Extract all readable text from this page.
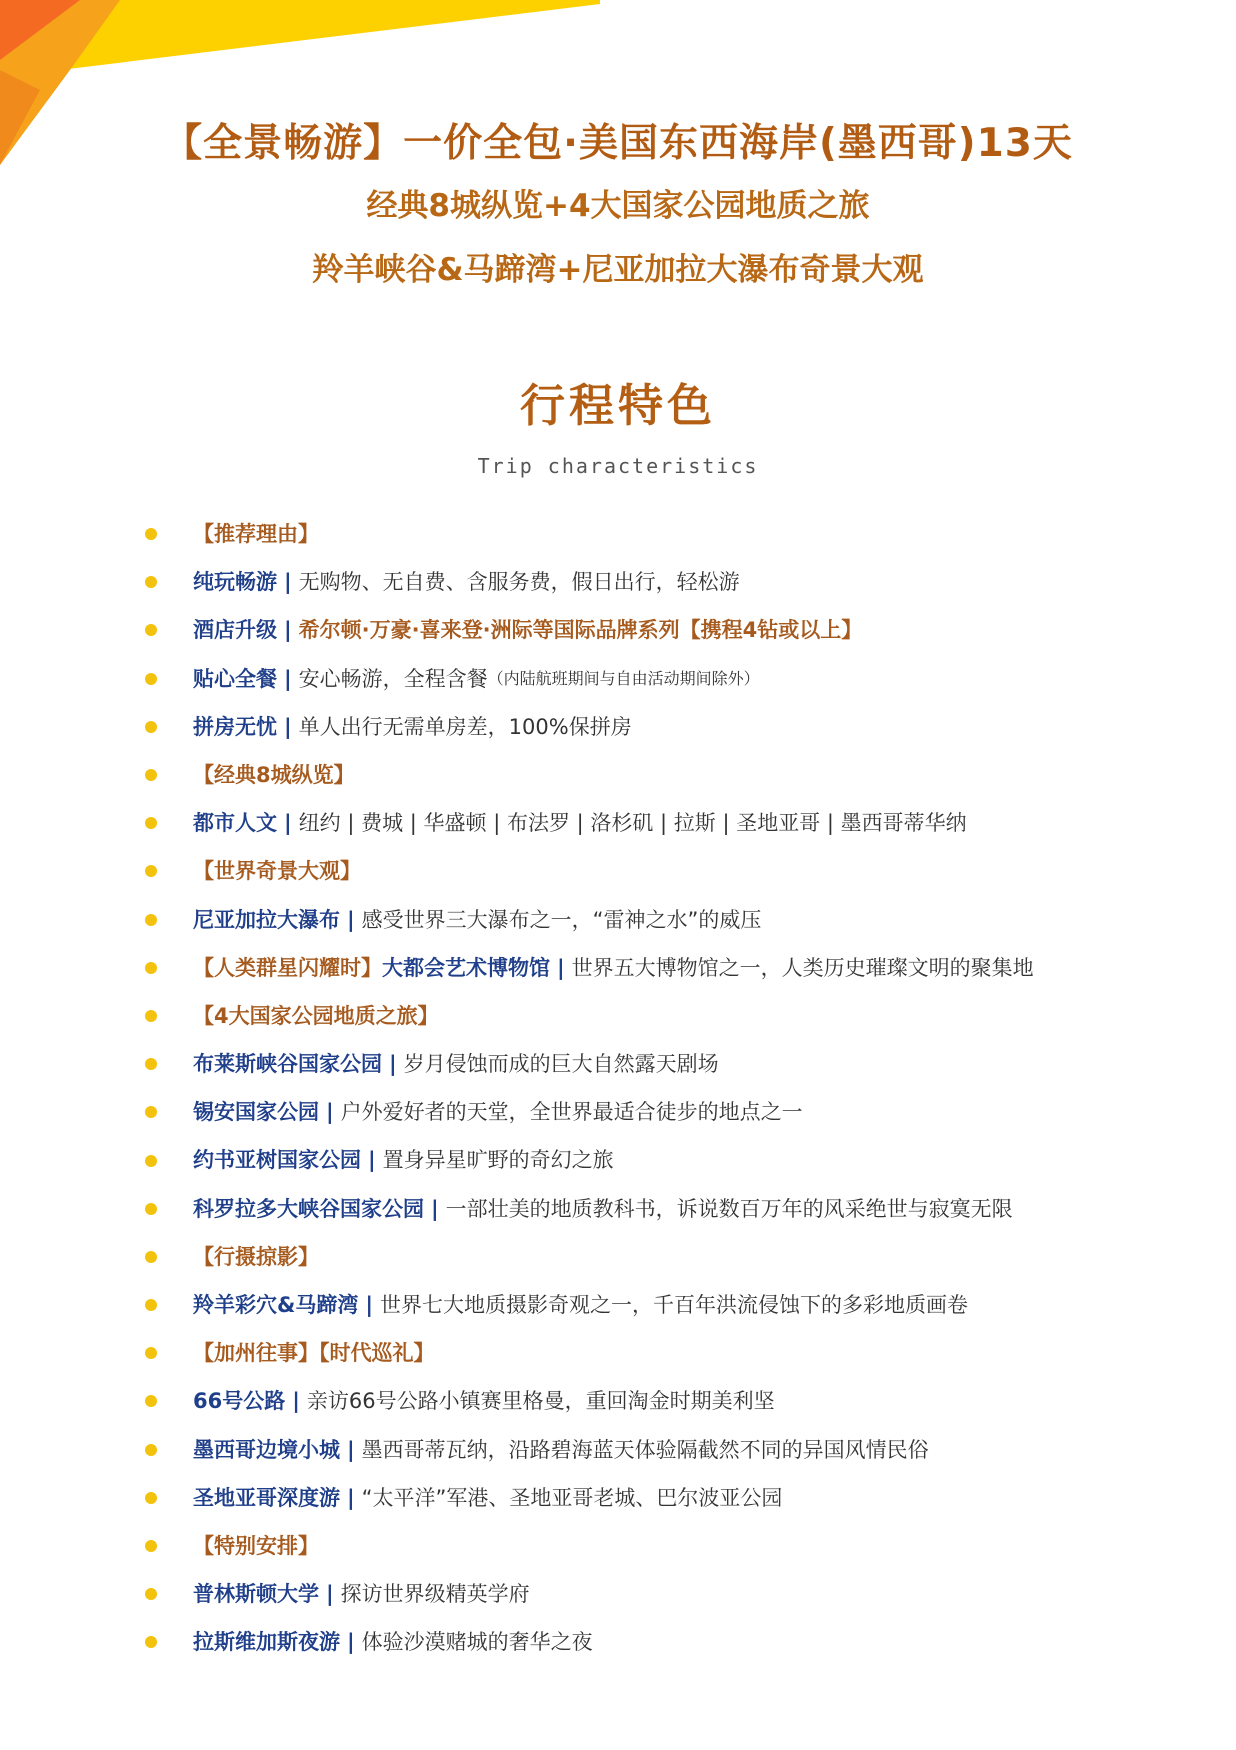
【全景畅游】一价全包·美国东西海岸(墨西哥)13天
经典8城纵览+4大国家公园地质之旅
羚羊峡谷&马蹄湾+尼亚加拉大瀑布奇景大观
行程特色
Trip characteristics
【推荐理由】
纯玩畅游 | 无购物、无自费、含服务费，假日出行，轻松游
酒店升级 | 希尔顿·万豪·喜来登·洲际等国际品牌系列【携程4钻或以上】
贴心全餐 | 安心畅游，全程含餐 （内陆航班期间与自由活动期间除外）
拼房无忧 | 单人出行无需单房差，100%保拼房
【经典8城纵览】
都市人文 | 纽约 | 费城 | 华盛顿 | 布法罗 | 洛杉矶 | 拉斯 | 圣地亚哥 | 墨西哥蒂华纳
【世界奇景大观】
尼亚加拉大瀑布 | 感受世界三大瀑布之一，“雷神之水”的威压
【人类群星闪耀时】 大都会艺术博物馆 | 世界五大博物馆之一，人类历史璀璨文明的聚集地
【4大国家公园地质之旅】
布莱斯峡谷国家公园 | 岁月侵蚀而成的巨大自然露天剧场
锡安国家公园 | 户外爱好者的天堂，全世界最适合徒步的地点之一
约书亚树国家公园 | 置身异星旷野的奇幻之旅
科罗拉多大峡谷国家公园 | 一部壮美的地质教科书，诉说数百万年的风采绝世与寂寞无限
【行摄掠影】
羚羊彩穴&马蹄湾 | 世界七大地质摄影奇观之一，千百年洪流侵蚀下的多彩地质画卷
【加州往事】【时代巡礼】
66号公路 | 亲访66号公路小镇赛里格曼，重回淘金时期美利坚
墨西哥边境小城 | 墨西哥蒂瓦纳，沿路碧海蓝天体验隔截然不同的异国风情民俗
圣地亚哥深度游 | “太平洋”军港、圣地亚哥老城、巴尔波亚公园
【特别安排】
普林斯顿大学 | 探访世界级精英学府
拉斯维加斯夜游 | 体验沙漠赌城的奢华之夜
